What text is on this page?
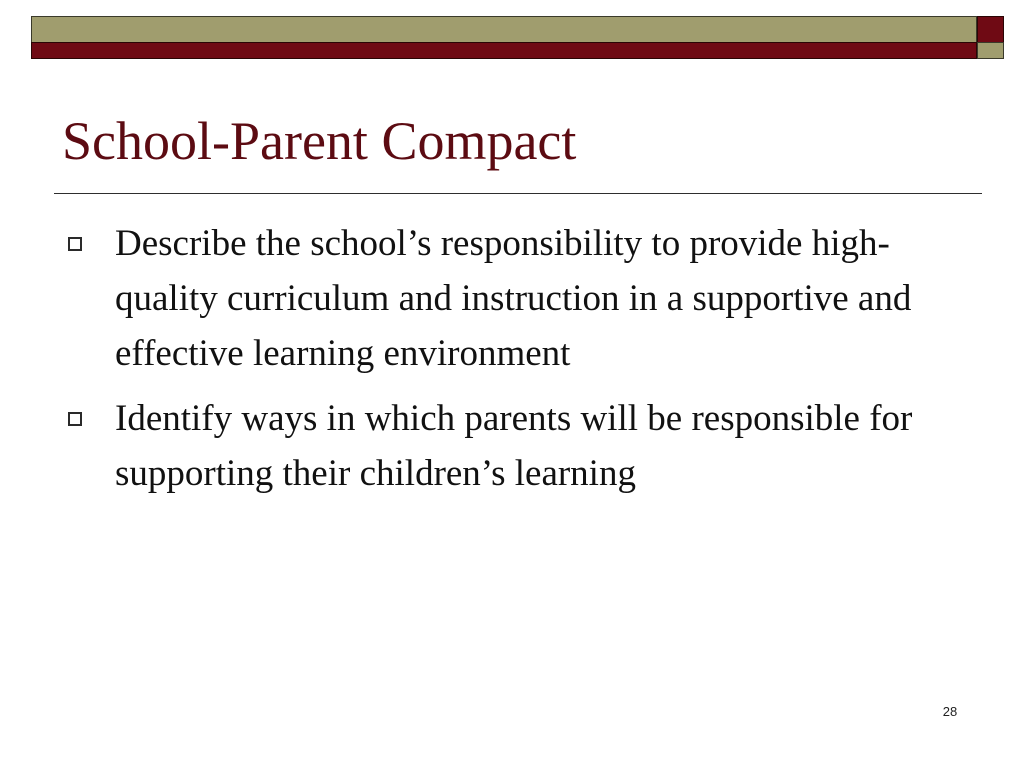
School-Parent Compact
Describe the school’s responsibility to provide high-quality curriculum and instruction in a supportive and effective learning environment
Identify ways in which parents will be responsible for supporting their children’s learning
28
